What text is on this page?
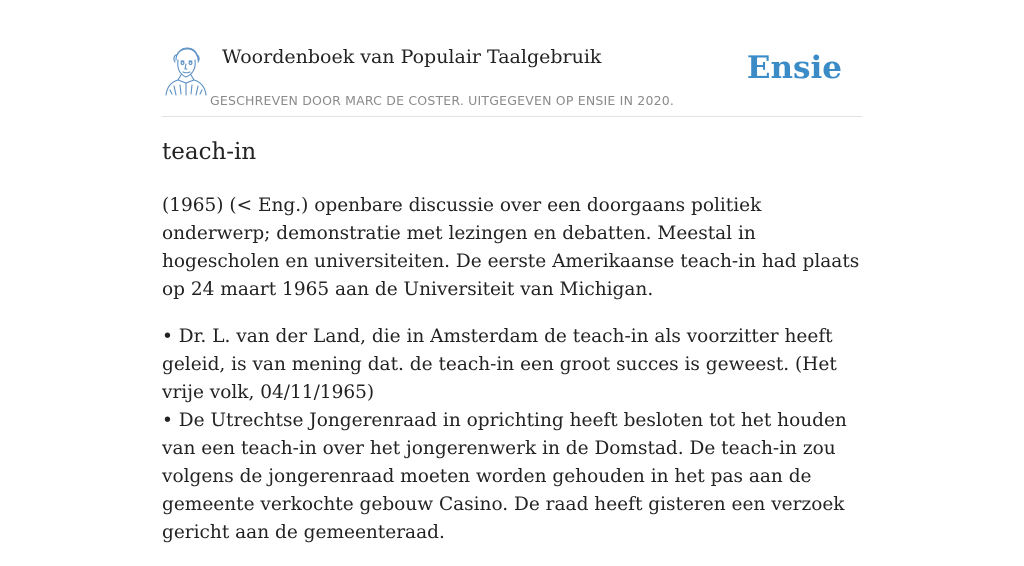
Woordenboek van Populair Taalgebruik
GESCHREVEN DOOR MARC DE COSTER. UITGEGEVEN OP ENSIE IN 2020.
Ensie
teach-in

(1965) (< Eng.) openbare discussie over een doorgaans politiek onderwerp; demonstratie met lezingen en debatten. Meestal in hogescholen en universiteiten. De eerste Amerikaanse teach-in had plaats op 24 maart 1965 aan de Universiteit van Michigan.

• Dr. L. van der Land, die in Amsterdam de teach-in als voorzitter heeft geleid, is van mening dat. de teach-in een groot succes is geweest. (Het vrije volk, 04/11/1965)
• De Utrechtse Jongerenraad in oprichting heeft besloten tot het houden van een teach-in over het jongerenwerk in de Domstad. De teach-in zou volgens de jongerenraad moeten worden gehouden in het pas aan de gemeente verkochte gebouw Casino. De raad heeft gisteren een verzoek gericht aan de gemeenteraad.
